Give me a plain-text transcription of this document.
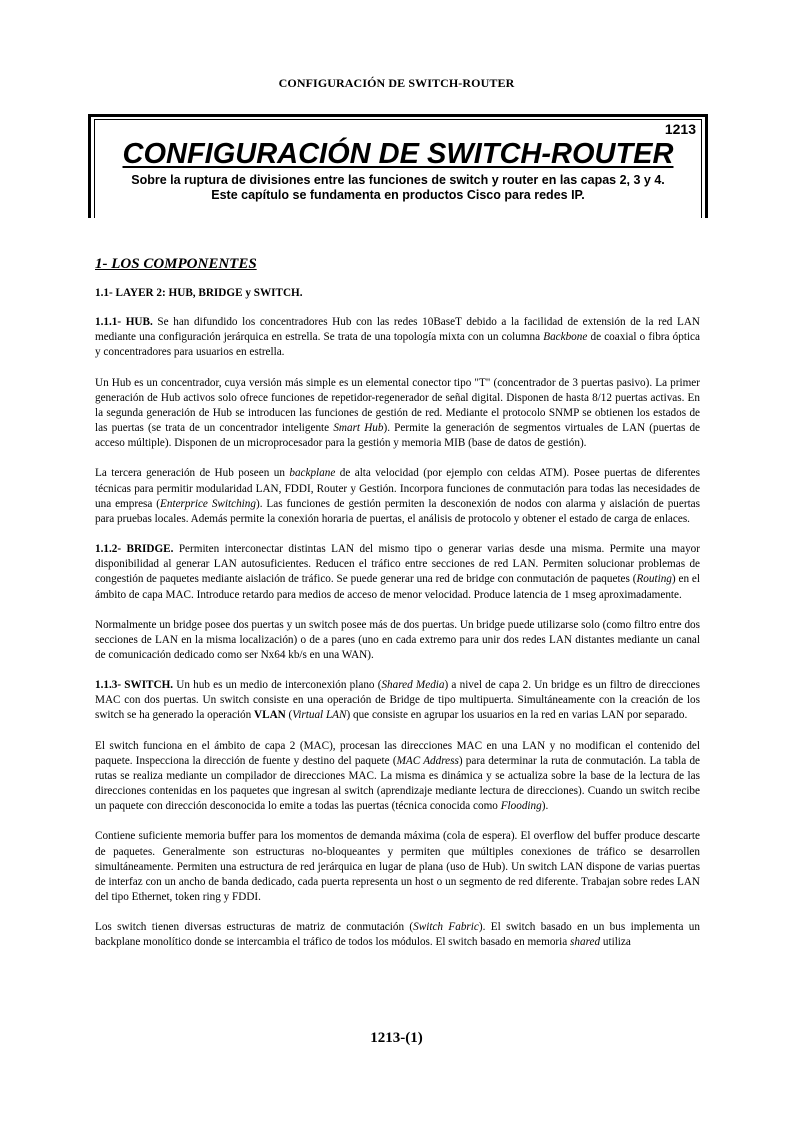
CONFIGURACIÓN DE SWITCH-ROUTER
1213
CONFIGURACIÓN DE SWITCH-ROUTER
Sobre la ruptura de divisiones entre las funciones de switch y router en las capas 2, 3 y 4.
Este capítulo se fundamenta en productos Cisco para redes IP.
1- LOS COMPONENTES
1.1- LAYER 2: HUB, BRIDGE y SWITCH.

1.1.1- HUB. Se han difundido los concentradores Hub con las redes 10BaseT debido a la facilidad de extensión de la red LAN mediante una configuración jerárquica en estrella. Se trata de una topología mixta con un columna Backbone de coaxial o fibra óptica y concentradores para usuarios en estrella.

Un Hub es un concentrador, cuya versión más simple es un elemental conector tipo "T" (concentrador de 3 puertas pasivo). La primer generación de Hub activos solo ofrece funciones de repetidor-regenerador de señal digital. Disponen de hasta 8/12 puertas activas. En la segunda generación de Hub se introducen las funciones de gestión de red. Mediante el protocolo SNMP se obtienen los estados de las puertas (se trata de un concentrador inteligente Smart Hub). Permite la generación de segmentos virtuales de LAN (puertas de acceso múltiple). Disponen de un microprocesador para la gestión y memoria MIB (base de datos de gestión).

La tercera generación de Hub poseen un backplane de alta velocidad (por ejemplo con celdas ATM). Posee puertas de diferentes técnicas para permitir modularidad LAN, FDDI, Router y Gestión. Incorpora funciones de conmutación para todas las necesidades de una empresa (Enterprice Switching). Las funciones de gestión permiten la desconexión de nodos con alarma y aislación de puertas para pruebas locales. Además permite la conexión horaria de puertas, el análisis de protocolo y obtener el estado de carga de enlaces.

1.1.2- BRIDGE. Permiten interconectar distintas LAN del mismo tipo o generar varias desde una misma. Permite una mayor disponibilidad al generar LAN autosuficientes. Reducen el tráfico entre secciones de red LAN. Permiten solucionar problemas de congestión de paquetes mediante aislación de tráfico. Se puede generar una red de bridge con conmutación de paquetes (Routing) en el ámbito de capa MAC. Introduce retardo para medios de acceso de menor velocidad. Produce latencia de 1 mseg aproximadamente.

Normalmente un bridge posee dos puertas y un switch posee más de dos puertas. Un bridge puede utilizarse solo (como filtro entre dos secciones de LAN en la misma localización) o de a pares (uno en cada extremo para unir dos redes LAN distantes mediante un canal de comunicación dedicado como ser Nx64 kb/s en una WAN).

1.1.3- SWITCH. Un hub es un medio de interconexión plano (Shared Media) a nivel de capa 2. Un bridge es un filtro de direcciones MAC con dos puertas. Un switch consiste en una operación de Bridge de tipo multipuerta. Simultáneamente con la creación de los switch se ha generado la operación VLAN (Virtual LAN) que consiste en agrupar los usuarios en la red en varias LAN por separado.

El switch funciona en el ámbito de capa 2 (MAC), procesan las direcciones MAC en una LAN y no modifican el contenido del paquete. Inspecciona la dirección de fuente y destino del paquete (MAC Address) para determinar la ruta de conmutación. La tabla de rutas se realiza mediante un compilador de direcciones MAC. La misma es dinámica y se actualiza sobre la base de la lectura de las direcciones contenidas en los paquetes que ingresan al switch (aprendizaje mediante lectura de direcciones). Cuando un switch recibe un paquete con dirección desconocida lo emite a todas las puertas (técnica conocida como Flooding).

Contiene suficiente memoria buffer para los momentos de demanda máxima (cola de espera). El overflow del buffer produce descarte de paquetes. Generalmente son estructuras no-bloqueantes y permiten que múltiples conexiones de tráfico se desarrollen simultáneamente. Permiten una estructura de red jerárquica en lugar de plana (uso de Hub). Un switch LAN dispone de varias puertas de interfaz con un ancho de banda dedicado, cada puerta representa un host o un segmento de red diferente. Trabajan sobre redes LAN del tipo Ethernet, token ring y FDDI.

Los switch tienen diversas estructuras de matriz de conmutación (Switch Fabric). El switch basado en un bus implementa un backplane monolítico donde se intercambia el tráfico de todos los módulos. El switch basado en memoria shared utiliza

1213-(1)
